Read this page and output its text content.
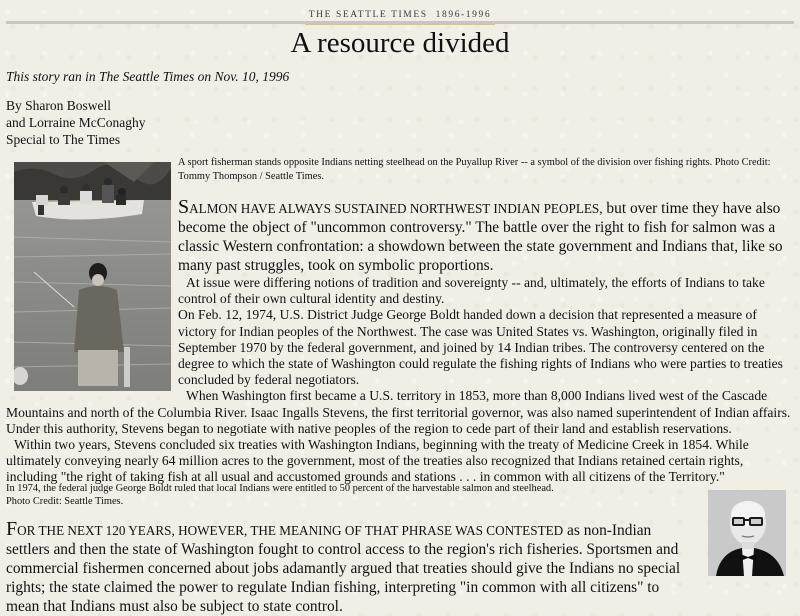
THE SEATTLE TIMES 1896-1996
A resource divided
This story ran in The Seattle Times on Nov. 10, 1996
By Sharon Boswell
and Lorraine McConaghy
Special to The Times

A sport fisherman stands opposite Indians netting steelhead on the Puyallup River -- a symbol of the division over fishing rights. Photo Credit: Tommy Thompson / Seattle Times.

SALMON HAVE ALWAYS SUSTAINED NORTHWEST INDIAN PEOPLES, but over time they have also become the object of "uncommon controversy." The battle over the right to fish for salmon was a classic Western confrontation: a showdown between the state government and Indians that, like so many past struggles, took on symbolic proportions.

At issue were differing notions of tradition and sovereignty -- and, ultimately, the efforts of Indians to take control of their own cultural identity and destiny.

On Feb. 12, 1974, U.S. District Judge George Boldt handed down a decision that represented a measure of victory for Indian peoples of the Northwest. The case was United States vs. Washington, originally filed in September 1970 by the federal government, and joined by 14 Indian tribes. The controversy centered on the degree to which the state of Washington could regulate the fishing rights of Indians who were parties to treaties concluded by federal negotiators.

When Washington first became a U.S. territory in 1853, more than 8,000 Indians lived west of the Cascade Mountains and north of the Columbia River. Isaac Ingalls Stevens, the first territorial governor, was also named superintendent of Indian affairs. Under this authority, Stevens began to negotiate with native peoples of the region to cede part of their land and establish reservations.

Within two years, Stevens concluded six treaties with Washington Indians, beginning with the treaty of Medicine Creek in 1854. While ultimately conveying nearly 64 million acres to the government, most of the treaties also recognized that Indians retained certain rights, including "the right of taking fish at all usual and accustomed grounds and stations . . . in common with all citizens of the Territory."

In 1974, the federal judge George Boldt ruled that local Indians were entitled to 50 percent of the harvestable salmon and steelhead.
Photo Credit: Seattle Times.

FOR THE NEXT 120 YEARS, HOWEVER, THE MEANING OF THAT PHRASE WAS CONTESTED as non-Indian settlers and then the state of Washington fought to control access to the region's rich fisheries. Sportsmen and commercial fishermen concerned about jobs adamantly argued that treaties should give the Indians no special rights; the state claimed the power to regulate Indian fishing, interpreting "in common with all citizens" to mean that Indians must also be subject to state control.
